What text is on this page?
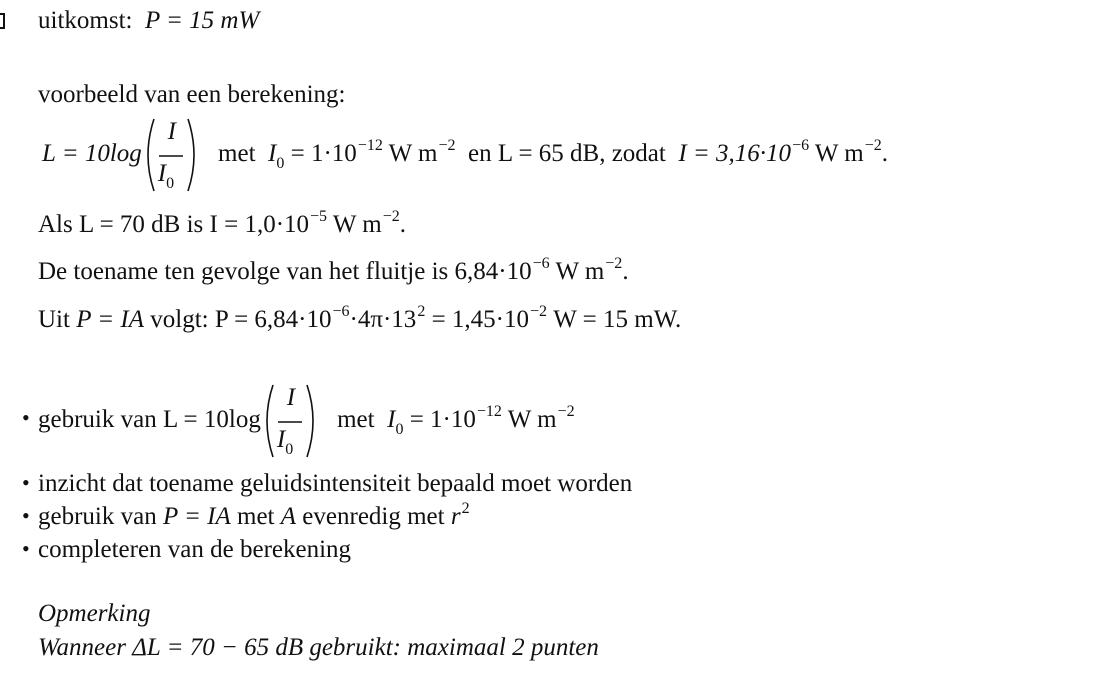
uitkomst: P = 15 mW
voorbeeld van een berekening:
L = 10log
I
$I_0$
met $I_0 = 1\cdot 10^{-12}$ W $m^{-2}$ en L = 65 dB, zodat $I = 3,16\cdot 10^{-6}$ W $m^{-2}$.
Als L = 70 dB is $I = 1,0\cdot 10^{-5}$ W $m^{-2}$.
De toename ten gevolge van het fluitje is $6,84\cdot 10^{-6}$ W $m^{-2}$.
Uit P = IA volgt: $P = 6,84\cdot 10^{-6}\cdot 4\pi\cdot 13^2 = 1,45\cdot 10^{-2}$ W = 15 mW.
• gebruik van L = 10log
I
$I_0$
met $I_0 = 1\cdot 10^{-12}$ W $m^{-2}$
• inzicht dat toename geluidsintensiteit bepaald moet worden
• gebruik van P = IA met A evenredig met $r^2$
• completeren van de berekening
Opmerking
Wanneer ΔL = 70 − 65 dB gebruikt: maximaal 2 punten
